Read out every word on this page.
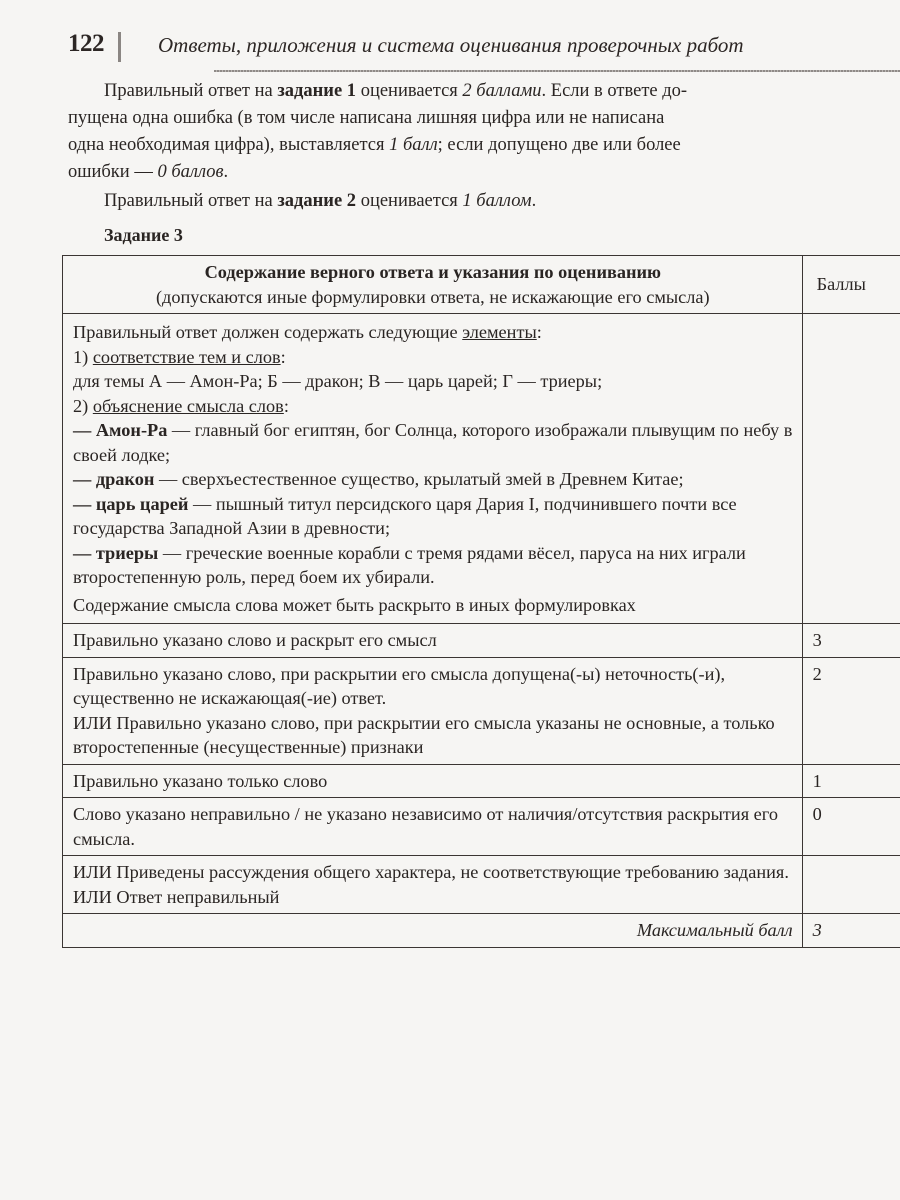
122	Ответы, приложения и система оценивания проверочных работ

Правильный ответ на задание 1 оценивается 2 баллами. Если в ответе до-

пущена одна ошибка (в том числе написана лишняя цифра или не написана

одна необходимая цифра), выставляется 1 балл; если допущено две или более

ошибки — 0 баллов.

Правильный ответ на задание 2 оценивается 1 баллом.

Задание 3
Содержание верного ответа и указания по оцениванию
(допускаются иные формулировки ответа, не искажающие его смысла)	Баллы

Правильный ответ должен содержать следующие элементы:
1) соответствие тем и слов:
для темы А — Амон-Ра; Б — дракон; В — царь царей; Г — триеры;
2) объяснение смысла слов:
— Амон-Ра — главный бог египтян, бог Солнца, которого изображали плывущим по небу в своей лодке;
— дракон — сверхъестественное существо, крылатый змей в Древнем Китае;
— царь царей — пышный титул персидского царя Дария I, подчинившего почти все государства Западной Азии в древности;
— триеры — греческие военные корабли с тремя рядами вёсел, паруса на них играли второстепенную роль, перед боем их убирали.
Содержание смысла слова может быть раскрыто в иных формулировках

Правильно указано слово и раскрыт его смысл	3

Правильно указано слово, при раскрытии его смысла допущена(-ы) неточность(-и), существенно не искажающая(-ие) ответ.
ИЛИ Правильно указано слово, при раскрытии его смысла указаны не основные, а только второстепенные (несущественные) признаки	2
Правильно указано только слово	1
Слово указано неправильно / не указано независимо от наличия/отсутствия раскрытия его смысла.	0

ИЛИ Приведены рассуждения общего характера, не соответствующие требованию задания.
ИЛИ Ответ неправильный	

Максимальный балл	3
